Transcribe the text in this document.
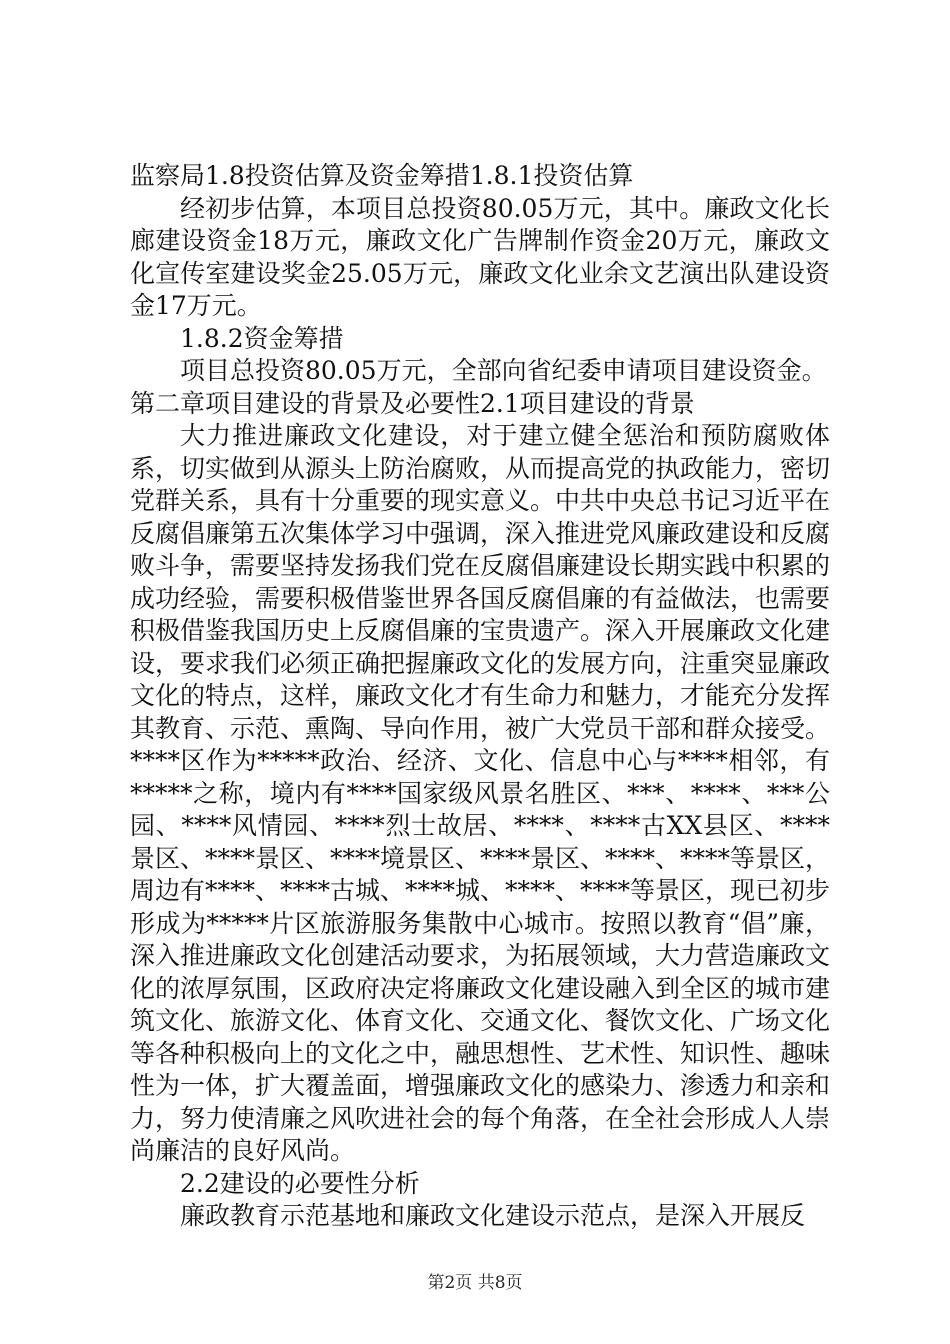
监察局1.8投资估算及资金筹措1.8.1投资估算

经初步估算，本项目总投资80.05万元，其中。廉政文化长廊建设资金18万元，廉政文化广告牌制作资金20万元，廉政文化宣传室建设奖金25.05万元，廉政文化业余文艺演出队建设资金17万元。

1.8.2资金筹措

项目总投资80.05万元，全部向省纪委申请项目建设资金。

第二章项目建设的背景及必要性2.1项目建设的背景

大力推进廉政文化建设，对于建立健全惩治和预防腐败体系，切实做到从源头上防治腐败，从而提高党的执政能力，密切党群关系，具有十分重要的现实意义。中共中央总书记习近平在反腐倡廉第五次集体学习中强调，深入推进党风廉政建设和反腐败斗争，需要坚持发扬我们党在反腐倡廉建设长期实践中积累的成功经验，需要积极借鉴世界各国反腐倡廉的有益做法，也需要积极借鉴我国历史上反腐倡廉的宝贵遗产。深入开展廉政文化建设，要求我们必须正确把握廉政文化的发展方向，注重突显廉政文化的特点，这样，廉政文化才有生命力和魅力，才能充分发挥其教育、示范、熏陶、导向作用，被广大党员干部和群众接受。****区作为*****政治、经济、文化、信息中心与****相邻，有*****之称，境内有****国家级风景名胜区、***、****、***公园、****风情园、****烈士故居、****、****古XX县区、****景区、****景区、****境景区、****景区、****、****等景区，周边有****、****古城、****城、****、****等景区，现已初步形成为*****片区旅游服务集散中心城市。按照以教育“倡”廉，深入推进廉政文化创建活动要求，为拓展领域，大力营造廉政文化的浓厚氛围，区政府决定将廉政文化建设融入到全区的城市建筑文化、旅游文化、体育文化、交通文化、餐饮文化、广场文化等各种积极向上的文化之中，融思想性、艺术性、知识性、趣味性为一体，扩大覆盖面，增强廉政文化的感染力、渗透力和亲和力，努力使清廉之风吹进社会的每个角落，在全社会形成人人崇尚廉洁的良好风尚。

2.2建设的必要性分析

廉政教育示范基地和廉政文化建设示范点，是深入开展反

第2页 共8页
